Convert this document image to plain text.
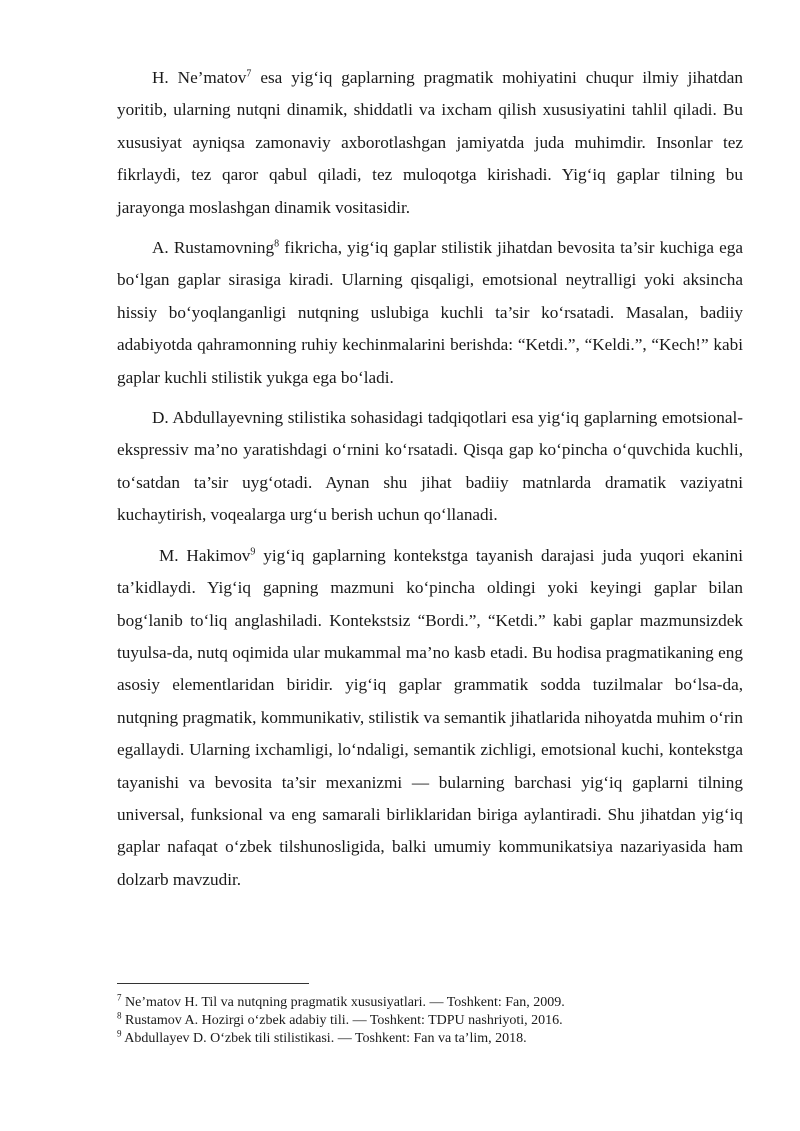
H. Ne’matov$^7$ esa yig‘iq gaplarning pragmatik mohiyatini chuqur ilmiy jihatdan yoritib, ularning nutqni dinamik, shiddatli va ixcham qilish xususiyatini tahlil qiladi. Bu xususiyat ayniqsa zamonaviy axborotlashgan jamiyatda juda muhimdir. Insonlar tez fikrlaydi, tez qaror qabul qiladi, tez muloqotga kirishadi. Yig‘iq gaplar tilning bu jarayonga moslashgan dinamik vositasidir.

A. Rustamovning$^8$ fikricha, yig‘iq gaplar stilistik jihatdan bevosita ta’sir kuchiga ega bo‘lgan gaplar sirasiga kiradi. Ularning qisqaligi, emotsional neytralligi yoki aksincha hissiy bo‘yoqlanganligi nutqning uslubiga kuchli ta’sir ko‘rsatadi. Masalan, badiiy adabiyotda qahramonning ruhiy kechinmalarini berishda: “Ketdi.”, “Keldi.”, “Kech!” kabi gaplar kuchli stilistik yukga ega bo‘ladi.

D. Abdullayevning stilistika sohasidagi tadqiqotlari esa yig‘iq gaplarning emotsional-ekspressiv ma’no yaratishdagi o‘rnini ko‘rsatadi. Qisqa gap ko‘pincha o‘quvchida kuchli, to‘satdan ta’sir uyg‘otadi. Aynan shu jihat badiiy matnlarda dramatik vaziyatni kuchaytirish, voqealarga urg‘u berish uchun qo‘llanadi.

M. Hakimov$^9$ yig‘iq gaplarning kontekstga tayanish darajasi juda yuqori ekanini ta’kidlaydi. Yig‘iq gapning mazmuni ko‘pincha oldingi yoki keyingi gaplar bilan bog‘lanib to‘liq anglashiladi. Kontekstsiz “Bordi.”, “Ketdi.” kabi gaplar mazmunsizdek tuyulsa-da, nutq oqimida ular mukammal ma’no kasb etadi. Bu hodisa pragmatikaning eng asosiy elementlaridan biridir. yig‘iq gaplar grammatik sodda tuzilmalar bo‘lsa-da, nutqning pragmatik, kommunikativ, stilistik va semantik jihatlarida nihoyatda muhim o‘rin egallaydi. Ularning ixchamligi, lo‘ndaligi, semantik zichligi, emotsional kuchi, kontekstga tayanishi va bevosita ta’sir mexanizmi — bularning barchasi yig‘iq gaplarni tilning universal, funksional va eng samarali birliklaridan biriga aylantiradi. Shu jihatdan yig‘iq gaplar nafaqat o‘zbek tilshunosligida, balki umumiy kommunikatsiya nazariyasida ham dolzarb mavzudir.

$^7$ Ne’matov H. Til va nutqning pragmatik xususiyatlari. — Toshkent: Fan, 2009.

$^8$ Rustamov A. Hozirgi o‘zbek adabiy tili. — Toshkent: TDPU nashriyoti, 2016.

$^9$ Abdullayev D. O‘zbek tili stilistikasi. — Toshkent: Fan va ta’lim, 2018.
